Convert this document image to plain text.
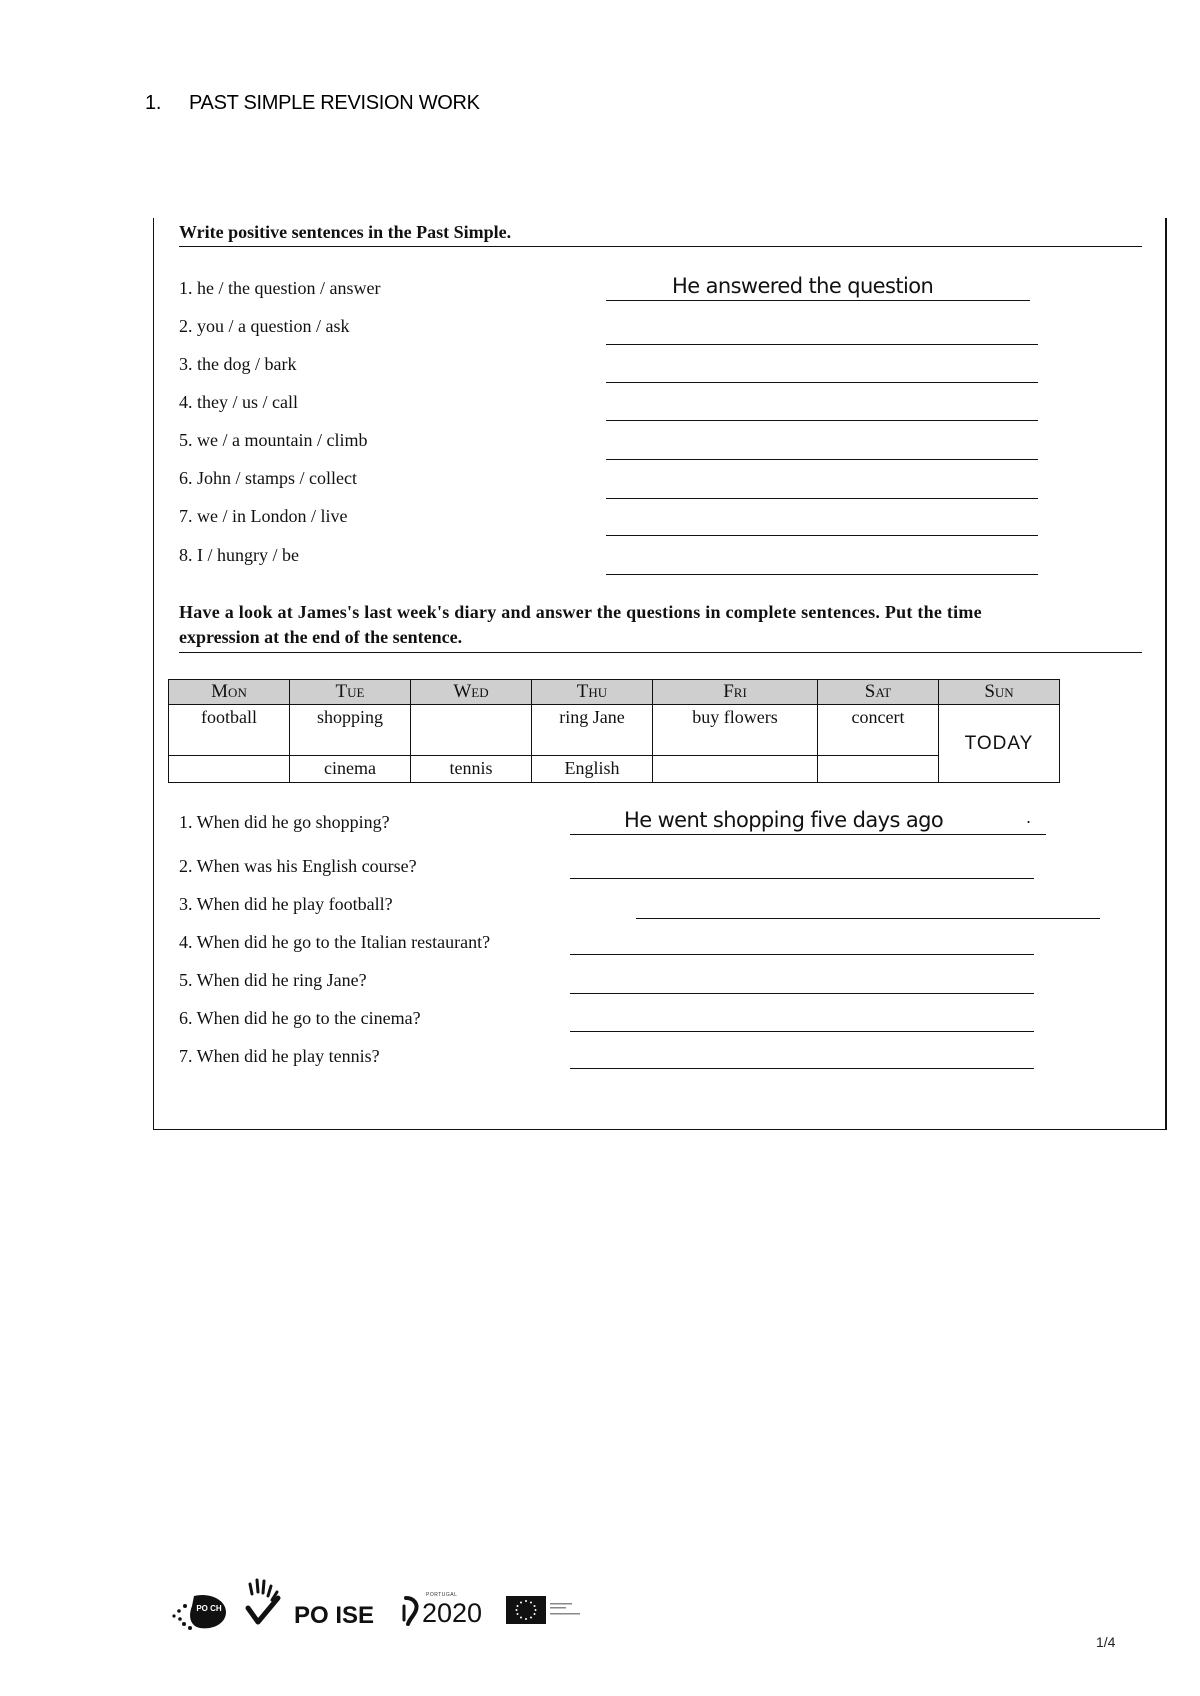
1. PAST SIMPLE REVISION WORK
Write positive sentences in the Past Simple.
1. he / the question / answer	He answered the question
2. you / a question / ask
3. the dog / bark
4. they / us / call
5. we / a mountain / climb
6. John / stamps / collect
7. we / in London / live
8. I / hungry / be
Have a look at James's last week's diary and answer the questions in complete sentences. Put the time
expression at the end of the sentence.
Mon	Tue	Wed	Thu	Fri	Sat	Sun
football	shopping		ring Jane	buy flowers	concert	TODAY
	cinema	tennis	English			
1. When did he go shopping?	He went shopping five days ago	.
2. When was his English course?
3. When did he play football?
4. When did he go to the Italian restaurant?
5. When did he ring Jane?
6. When did he go to the cinema?
7. When did he play tennis?
PO CH	PO ISE
PORTUGAL
2020
1/4
